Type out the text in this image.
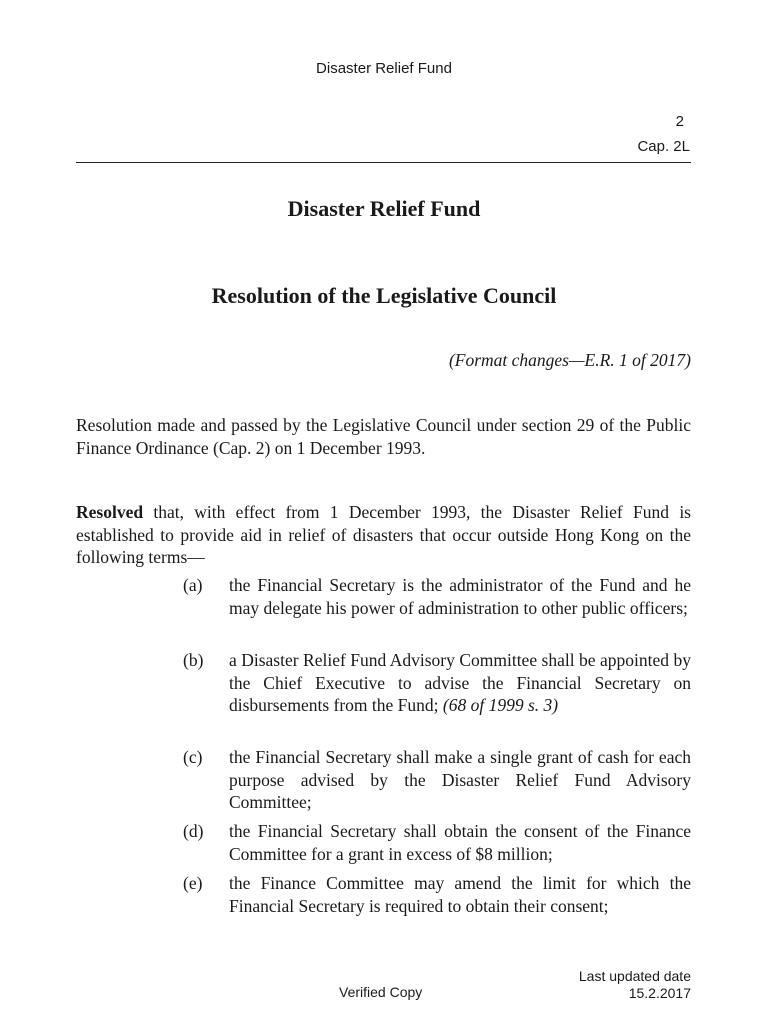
Disaster Relief Fund
2
Cap. 2L
Disaster Relief Fund
Resolution of the Legislative Council
(Format changes—E.R. 1 of 2017)
Resolution made and passed by the Legislative Council under section 29 of the Public Finance Ordinance (Cap. 2) on 1 December 1993.
Resolved that, with effect from 1 December 1993, the Disaster Relief Fund is established to provide aid in relief of disasters that occur outside Hong Kong on the following terms—
(a)	the Financial Secretary is the administrator of the Fund and he may delegate his power of administration to other public officers;
(b)	a Disaster Relief Fund Advisory Committee shall be appointed by the Chief Executive to advise the Financial Secretary on disbursements from the Fund; (68 of 1999 s. 3)
(c)	the Financial Secretary shall make a single grant of cash for each purpose advised by the Disaster Relief Fund Advisory Committee;
(d)	the Financial Secretary shall obtain the consent of the Finance Committee for a grant in excess of $8 million;
(e)	the Finance Committee may amend the limit for which the Financial Secretary is required to obtain their consent;
Verified Copy
Last updated date
15.2.2017
